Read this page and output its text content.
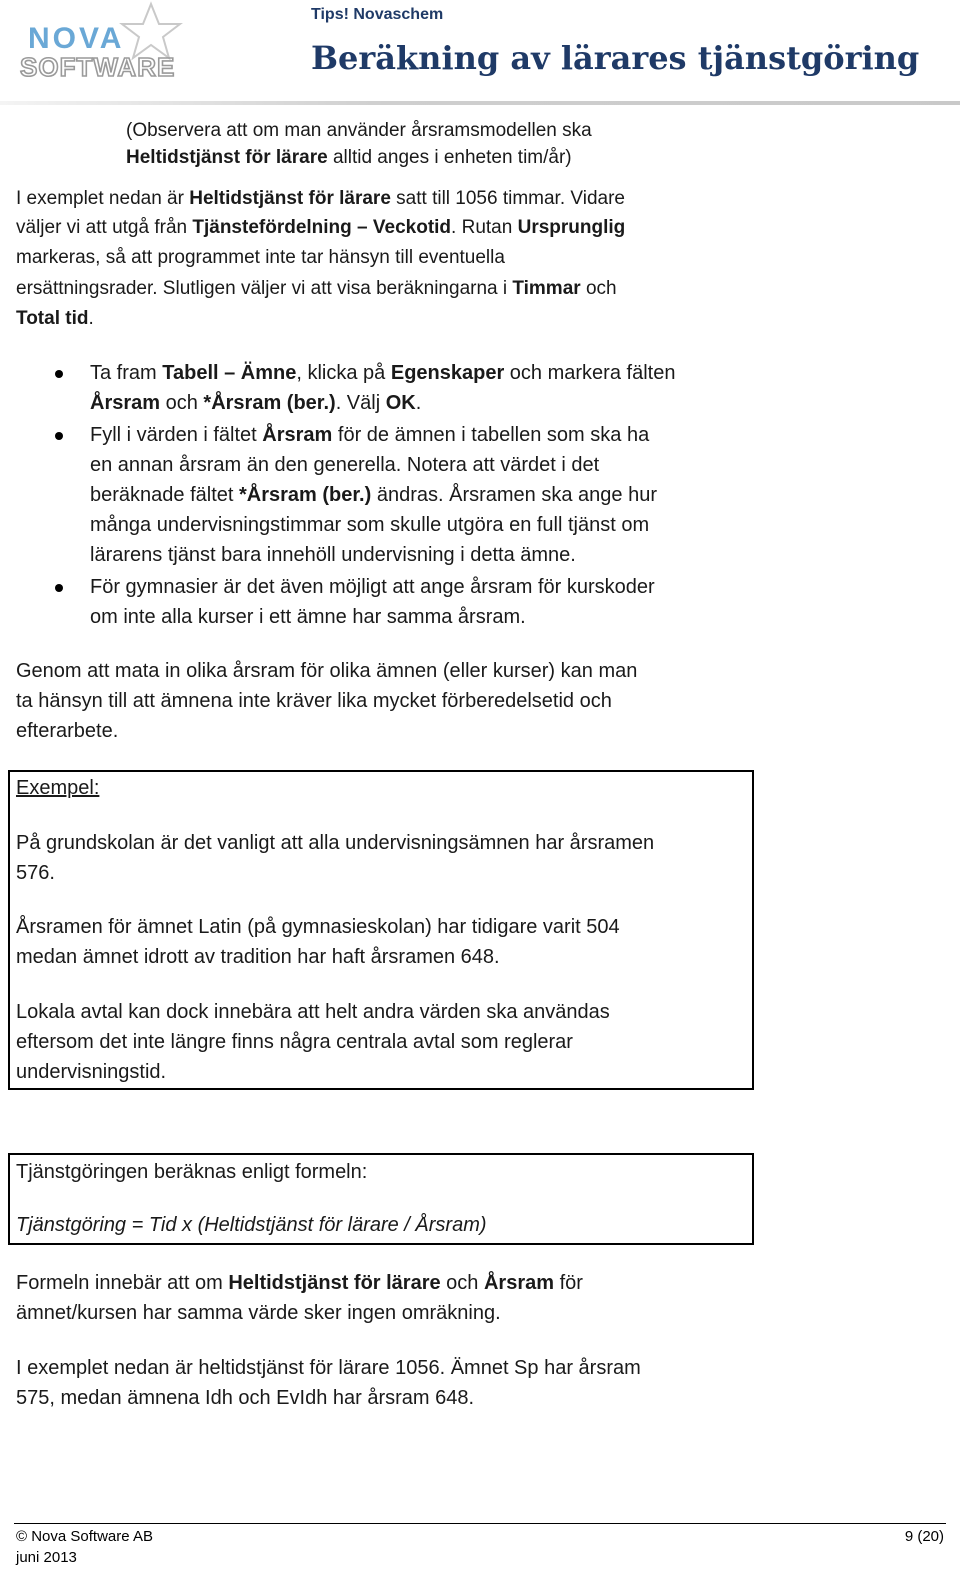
NOVA
SOFTWARE
Tips! Novaschem
Beräkning av lärares tjänstgöring
(Observera att om man använder årsramsmodellen ska
Heltidstjänst för lärare alltid anges i enheten tim/år)
I exemplet nedan är Heltidstjänst för lärare satt till 1056 timmar. Vidare
väljer vi att utgå från Tjänstefördelning – Veckotid. Rutan Ursprunglig
markeras, så att programmet inte tar hänsyn till eventuella
ersättningsrader. Slutligen väljer vi att visa beräkningarna i Timmar och
Total tid.
Ta fram Tabell – Ämne, klicka på Egenskaper och markera fälten
Årsram och *Årsram (ber.). Välj OK.
Fyll i värden i fältet Årsram för de ämnen i tabellen som ska ha
en annan årsram än den generella. Notera att värdet i det
beräknade fältet *Årsram (ber.) ändras. Årsramen ska ange hur
många undervisningstimmar som skulle utgöra en full tjänst om
lärarens tjänst bara innehöll undervisning i detta ämne.
För gymnasier är det även möjligt att ange årsram för kurskoder
om inte alla kurser i ett ämne har samma årsram.
Genom att mata in olika årsram för olika ämnen (eller kurser) kan man
ta hänsyn till att ämnena inte kräver lika mycket förberedelsetid och
efterarbete.
Exempel:
På grundskolan är det vanligt att alla undervisningsämnen har årsramen
576.
Årsramen för ämnet Latin (på gymnasieskolan) har tidigare varit 504
medan ämnet idrott av tradition har haft årsramen 648.
Lokala avtal kan dock innebära att helt andra värden ska användas
eftersom det inte längre finns några centrala avtal som reglerar
undervisningstid.
Tjänstgöringen beräknas enligt formeln:
Tjänstgöring = Tid x (Heltidstjänst för lärare / Årsram)
Formeln innebär att om Heltidstjänst för lärare och Årsram för
ämnet/kursen har samma värde sker ingen omräkning.
I exemplet nedan är heltidstjänst för lärare 1056. Ämnet Sp har årsram
575, medan ämnena Idh och EvIdh har årsram 648.
© Nova Software AB
juni 2013
9 (20)
